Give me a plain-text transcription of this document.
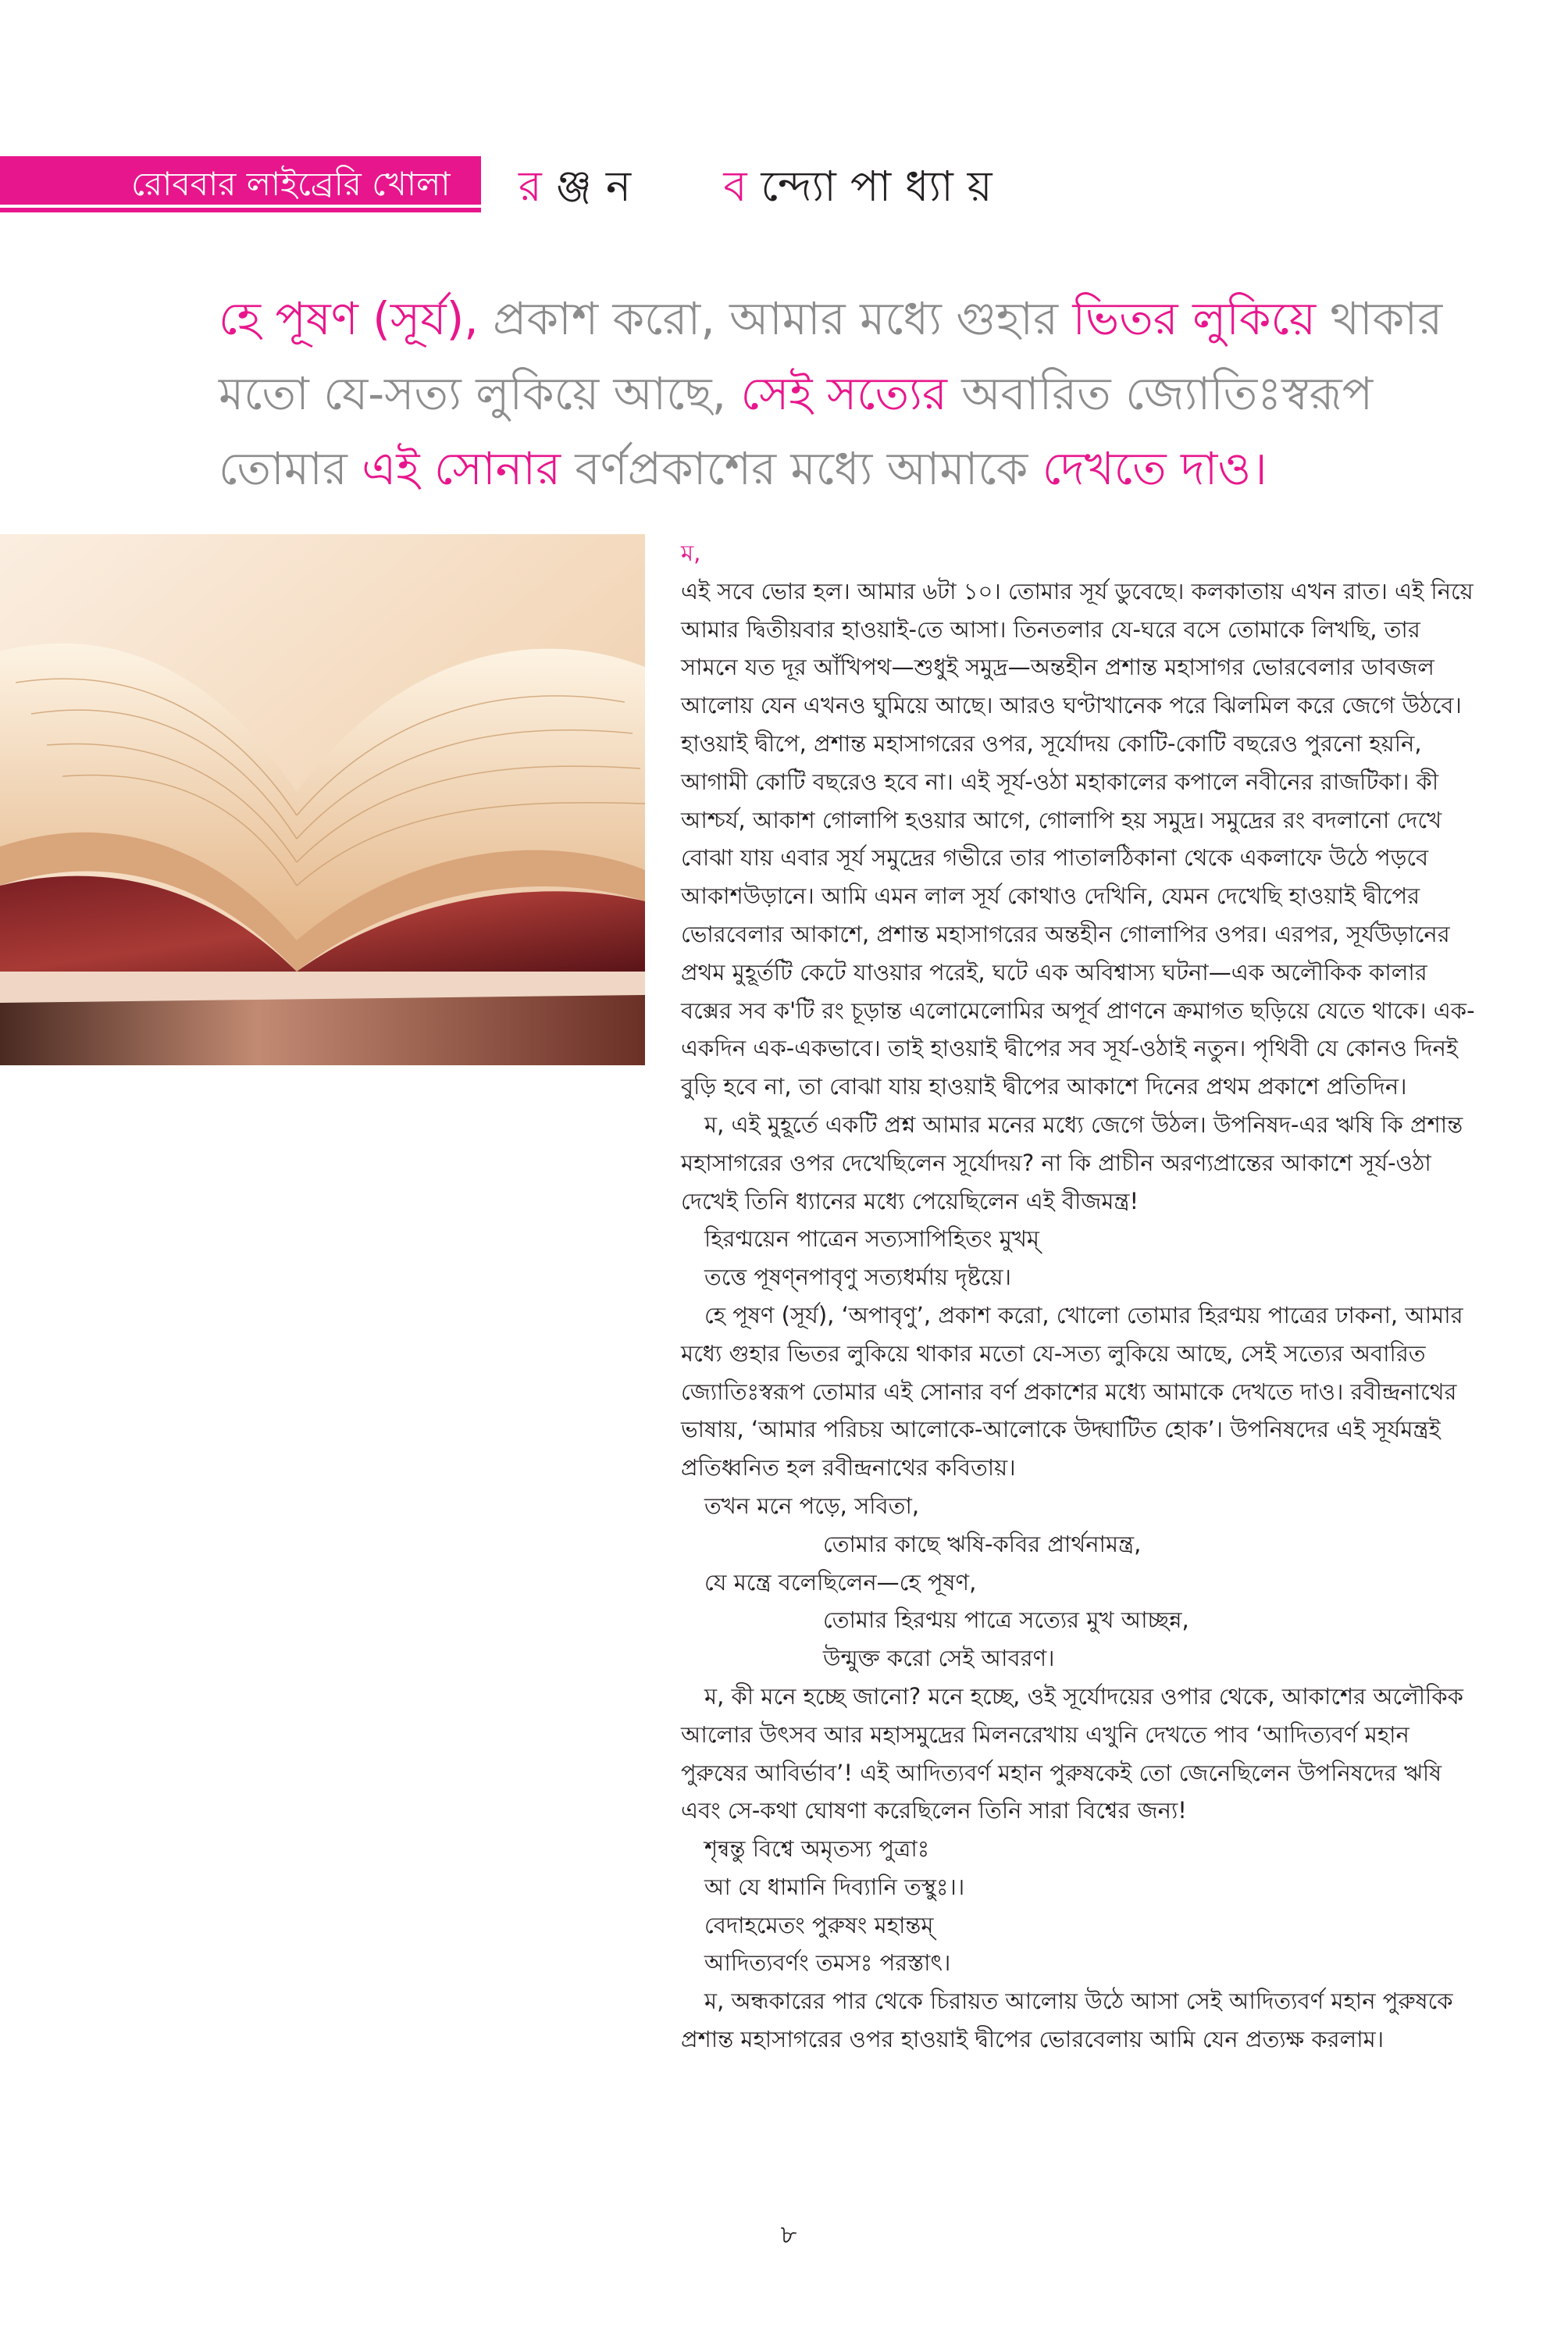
রোববার লাইব্রেরি খোলা	রঞ্জন বন্দ্যোপাধ্যায়
হে পূষণ (সূর্য), প্রকাশ করো, আমার মধ্যে গুহার ভিতর লুকিয়ে থাকার মতো যে-সত্য লুকিয়ে আছে, সেই সত্যের অবারিত জ্যোতিঃস্বরূপ তোমার এই সোনার বর্ণপ্রকাশের মধ্যে আমাকে দেখতে দাও।
ম,

এই সবে ভোর হল। আমার ৬টা ১০। তোমার সূর্য ডুবেছে। কলকাতায় এখন রাত। এই নিয়ে আমার দ্বিতীয়বার হাওয়াই-তে আসা। তিনতলার যে-ঘরে বসে তোমাকে লিখছি, তার সামনে যত দূর আঁখিপথ—শুধুই সমুদ্র—অন্তহীন প্রশান্ত মহাসাগর ভোরবেলার ডাবজল আলোয় যেন এখনও ঘুমিয়ে আছে। আরও ঘণ্টাখানেক পরে ঝিলমিল করে জেগে উঠবে। হাওয়াই দ্বীপে, প্রশান্ত মহাসাগরের ওপর, সূর্যোদয় কোটি-কোটি বছরেও পুরনো হয়নি, আগামী কোটি বছরেও হবে না। এই সূর্য-ওঠা মহাকালের কপালে নবীনের রাজটিকা। কী আশ্চর্য, আকাশ গোলাপি হওয়ার আগে, গোলাপি হয় সমুদ্র। সমুদ্রের রং বদলানো দেখে বোঝা যায় এবার সূর্য সমুদ্রের গভীরে তার পাতালঠিকানা থেকে একলাফে উঠে পড়বে আকাশউড়ানে। আমি এমন লাল সূর্য কোথাও দেখিনি, যেমন দেখেছি হাওয়াই দ্বীপের ভোরবেলার আকাশে, প্রশান্ত মহাসাগরের অন্তহীন গোলাপির ওপর। এরপর, সূর্যউড়ানের প্রথম মুহূর্তটি কেটে যাওয়ার পরেই, ঘটে এক অবিশ্বাস্য ঘটনা—এক অলৌকিক কালার বক্সের সব ক'টি রং চূড়ান্ত এলোমেলোমির অপূর্ব প্রাণনে ক্রমাগত ছড়িয়ে যেতে থাকে। এক-একদিন এক-একভাবে। তাই হাওয়াই দ্বীপের সব সূর্য-ওঠাই নতুন। পৃথিবী যে কোনও দিনই বুড়ি হবে না, তা বোঝা যায় হাওয়াই দ্বীপের আকাশে দিনের প্রথম প্রকাশে প্রতিদিন।

ম, এই মুহূর্তে একটি প্রশ্ন আমার মনের মধ্যে জেগে উঠল। উপনিষদ-এর ঋষি কি প্রশান্ত মহাসাগরের ওপর দেখেছিলেন সূর্যোদয়? না কি প্রাচীন অরণ্যপ্রান্তের আকাশে সূর্য-ওঠা দেখেই তিনি ধ্যানের মধ্যে পেয়েছিলেন এই বীজমন্ত্র!

হিরণ্ময়েন পাত্রেন সত্যসাপিহিতং মুখম্

তত্তে পূষণ্নপাবৃণু সত্যধর্মায় দৃষ্টয়ে।

হে পূষণ (সূর্য), ‘অপাবৃণু’, প্রকাশ করো, খোলো তোমার হিরণ্ময় পাত্রের ঢাকনা, আমার মধ্যে গুহার ভিতর লুকিয়ে থাকার মতো যে-সত্য লুকিয়ে আছে, সেই সত্যের অবারিত জ্যোতিঃস্বরূপ তোমার এই সোনার বর্ণ প্রকাশের মধ্যে আমাকে দেখতে দাও। রবীন্দ্রনাথের ভাষায়, ‘আমার পরিচয় আলোকে-আলোকে উদ্ঘাটিত হোক’। উপনিষদের এই সূর্যমন্ত্রই প্রতিধ্বনিত হল রবীন্দ্রনাথের কবিতায়।

তখন মনে পড়ে, সবিতা,

তোমার কাছে ঋষি-কবির প্রার্থনামন্ত্র,

যে মন্ত্রে বলেছিলেন—হে পূষণ,

তোমার হিরণ্ময় পাত্রে সত্যের মুখ আচ্ছন্ন,

উন্মুক্ত করো সেই আবরণ।

ম, কী মনে হচ্ছে জানো? মনে হচ্ছে, ওই সূর্যোদয়ের ওপার থেকে, আকাশের অলৌকিক আলোর উৎসব আর মহাসমুদ্রের মিলনরেখায় এখুনি দেখতে পাব ‘আদিত্যবর্ণ মহান পুরুষের আবির্ভাব’! এই আদিত্যবর্ণ মহান পুরুষকেই তো জেনেছিলেন উপনিষদের ঋষি এবং সে-কথা ঘোষণা করেছিলেন তিনি সারা বিশ্বের জন্য!

শৃন্বন্তু বিশ্বে অমৃতস্য পুত্রাঃ

আ যে ধামানি দিব্যানি তস্থুঃ।।

বেদাহমেতং পুরুষং মহান্তম্

আদিত্যবর্ণং তমসঃ পরস্তাৎ।

ম, অন্ধকারের পার থেকে চিরায়ত আলোয় উঠে আসা সেই আদিত্যবর্ণ মহান পুরুষকে প্রশান্ত মহাসাগরের ওপর হাওয়াই দ্বীপের ভোরবেলায় আমি যেন প্রত্যক্ষ করলাম।

৮
